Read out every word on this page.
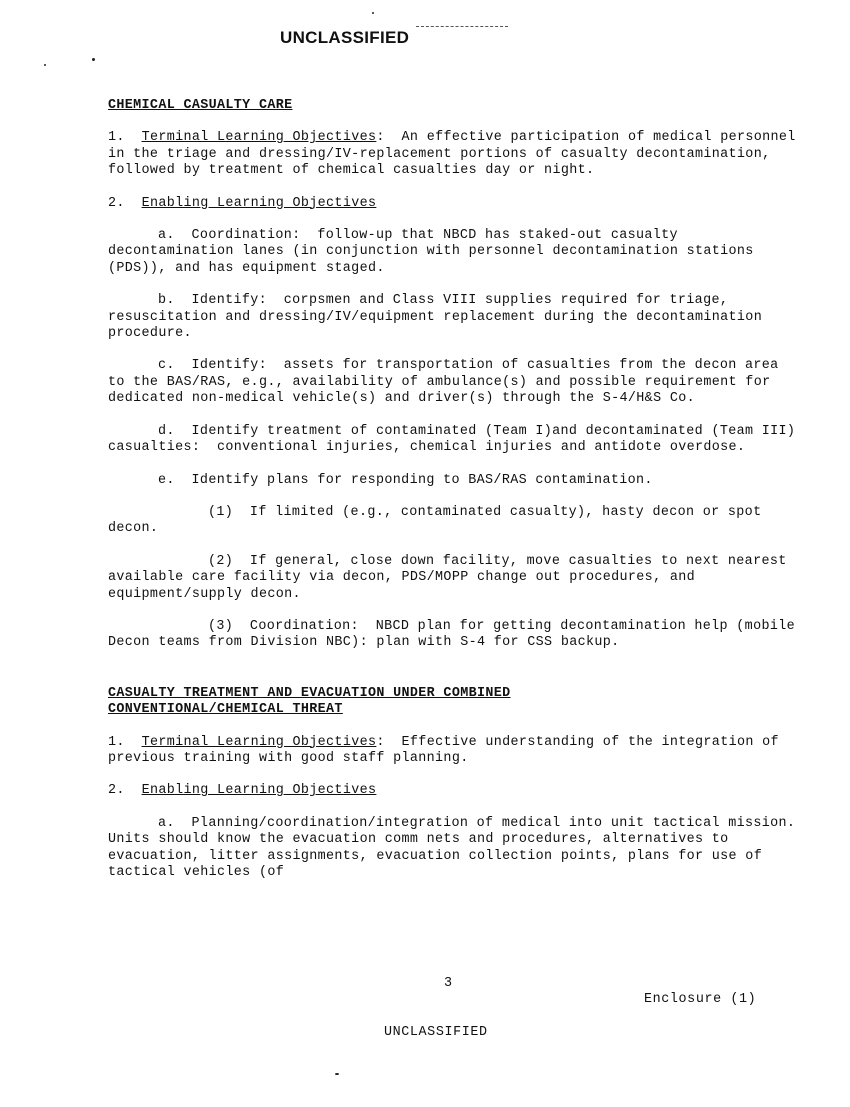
UNCLASSIFIED

CHEMICAL CASUALTY CARE

1. Terminal Learning Objectives:  An effective participation of medical personnel in the triage and dressing/IV-replacement portions of casualty decontamination, followed by treatment of chemical casualties day or night.

2. Enabling Learning Objectives

a.  Coordination:  follow-up that NBCD has staked-out casualty decontamination lanes (in conjunction with personnel decontamination stations (PDS)), and has equipment staged.

b.  Identify:  corpsmen and Class VIII supplies required for triage, resuscitation and dressing/IV/equipment replacement during the decontamination procedure.

c.  Identify:  assets for transportation of casualties from the decon area to the BAS/RAS, e.g., availability of ambulance(s) and possible requirement for dedicated non-medical vehicle(s) and driver(s) through the S-4/H&S Co.

d.  Identify treatment of contaminated (Team I)and decontaminated (Team III) casualties:  conventional injuries, chemical injuries and antidote overdose.

e.  Identify plans for responding to BAS/RAS contamination.

(1)  If limited (e.g., contaminated casualty), hasty decon or spot decon.

(2)  If general, close down facility, move casualties to next nearest available care facility via decon, PDS/MOPP change out procedures, and equipment/supply decon.

(3)  Coordination:  NBCD plan for getting decontamination help (mobile Decon teams from Division NBC): plan with S-4 for CSS backup.

CASUALTY TREATMENT AND EVACUATION UNDER COMBINED

CONVENTIONAL/CHEMICAL THREAT

1. Terminal Learning Objectives:  Effective understanding of the integration of previous training with good staff planning.

2. Enabling Learning Objectives

a.  Planning/coordination/integration of medical into unit tactical mission.  Units should know the evacuation comm nets and procedures, alternatives to evacuation, litter assignments, evacuation collection points, plans for use of tactical vehicles (of

3
Enclosure (1)
UNCLASSIFIED
